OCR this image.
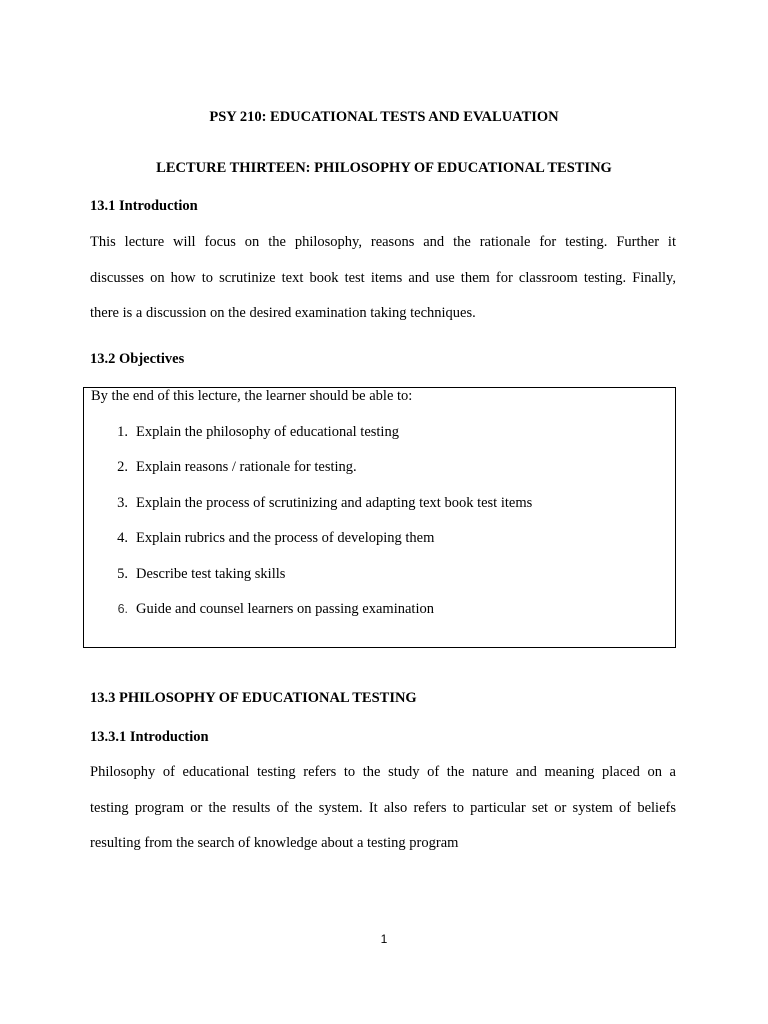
PSY 210: EDUCATIONAL TESTS AND EVALUATION
LECTURE THIRTEEN: PHILOSOPHY OF EDUCATIONAL TESTING
13.1 Introduction
This lecture will focus on the philosophy, reasons and the rationale for testing. Further it
discusses on how to scrutinize text book test items and use them for classroom testing. Finally,
there is a discussion on the desired examination taking techniques.
13.2 Objectives
By the end of this lecture, the learner should be able to:
1. Explain the philosophy of educational testing
2. Explain reasons / rationale for testing.
3. Explain the process of scrutinizing and adapting text book test items
4. Explain rubrics and the process of developing them
5. Describe test taking skills
6. Guide and counsel learners on passing examination
13.3 PHILOSOPHY OF EDUCATIONAL TESTING
13.3.1 Introduction
Philosophy of educational testing refers to the study of the nature and meaning placed on a
testing program or the results of the system. It also refers to particular set or system of beliefs
resulting from the search of knowledge about a testing program
1
